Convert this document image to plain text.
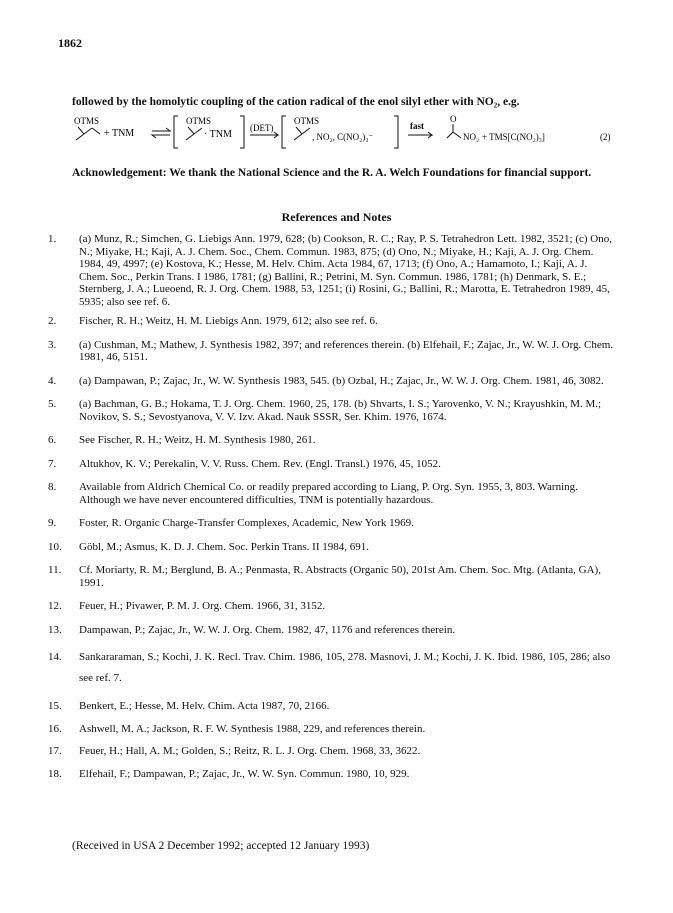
1862
followed by the homolytic coupling of the cation radical of the enol silyl ether with NO₂, e.g.
OTMS
+ TNM
OTMS
· TNM
(DET)
OTMS
, NO₂, C(NO₂)₃⁻
fast
O
NO₂ + TMS[C(NO₂)₃]	(2)
Acknowledgement: We thank the National Science and the R. A. Welch Foundations for financial support.
References and Notes
1.	(a) Munz, R.; Simchen, G. Liebigs Ann. 1979, 628; (b) Cookson, R. C.; Ray, P. S. Tetrahedron Lett. 1982, 3521; (c) Ono, N.; Miyake, H.; Kaji, A. J. Chem. Soc., Chem. Commun. 1983, 875; (d) Ono, N.; Miyake, H.; Kaji, A. J. Org. Chem. 1984, 49, 4997; (e) Kostova, K.; Hesse, M. Helv. Chim. Acta 1984, 67, 1713; (f) Ono, A.; Hamamoto, I.; Kaji, A. J. Chem. Soc., Perkin Trans. I 1986, 1781; (g) Ballini, R.; Petrini, M. Syn. Commun. 1986, 1781; (h) Denmark, S. E.; Sternberg, J. A.; Lueoend, R. J. Org. Chem. 1988, 53, 1251; (i) Rosini, G.; Ballini, R.; Marotta, E. Tetrahedron 1989, 45, 5935; also see ref. 6.
2.	Fischer, R. H.; Weitz, H. M. Liebigs Ann. 1979, 612; also see ref. 6.
3.	(a) Cushman, M.; Mathew, J. Synthesis 1982, 397; and references therein. (b) Elfehail, F.; Zajac, Jr., W. W. J. Org. Chem. 1981, 46, 5151.
4.	(a) Dampawan, P.; Zajac, Jr., W. W. Synthesis 1983, 545. (b) Ozbal, H.; Zajac, Jr., W. W. J. Org. Chem. 1981, 46, 3082.
5.	(a) Bachman, G. B.; Hokama, T. J. Org. Chem. 1960, 25, 178. (b) Shvarts, I. S.; Yarovenko, V. N.; Krayushkin, M. M.; Novikov, S. S.; Sevostyanova, V. V. Izv. Akad. Nauk SSSR, Ser. Khim. 1976, 1674.
6.	See Fischer, R. H.; Weitz, H. M. Synthesis 1980, 261.
7.	Altukhov, K. V.; Perekalin, V. V. Russ. Chem. Rev. (Engl. Transl.) 1976, 45, 1052.
8.	Available from Aldrich Chemical Co. or readily prepared according to Liang, P. Org. Syn. 1955, 3, 803. Warning. Although we have never encountered difficulties, TNM is potentially hazardous.
9.	Foster, R. Organic Charge-Transfer Complexes, Academic, New York 1969.
10.	Göbl, M.; Asmus, K. D. J. Chem. Soc. Perkin Trans. II 1984, 691.
11.	Cf. Moriarty, R. M.; Berglund, B. A.; Penmasta, R. Abstracts (Organic 50), 201st Am. Chem. Soc. Mtg. (Atlanta, GA), 1991.
12.	Feuer, H.; Pivawer, P. M. J. Org. Chem. 1966, 31, 3152.
13.	Dampawan, P.; Zajac, Jr., W. W. J. Org. Chem. 1982, 47, 1176 and references therein.
14.	Sankararaman, S.; Kochi, J. K. Recl. Trav. Chim. 1986, 105, 278. Masnovi, J. M.; Kochi, J. K. Ibid. 1986, 105, 286; also see ref. 7.
15.	Benkert, E.; Hesse, M. Helv. Chim. Acta 1987, 70, 2166.
16.	Ashwell, M. A.; Jackson, R. F. W. Synthesis 1988, 229, and references therein.
17.	Feuer, H.; Hall, A. M.; Golden, S.; Reitz, R. L. J. Org. Chem. 1968, 33, 3622.
18.	Elfehail, F.; Dampawan, P.; Zajac, Jr., W. W. Syn. Commun. 1980, 10, 929.
(Received in USA 2 December 1992; accepted 12 January 1993)
